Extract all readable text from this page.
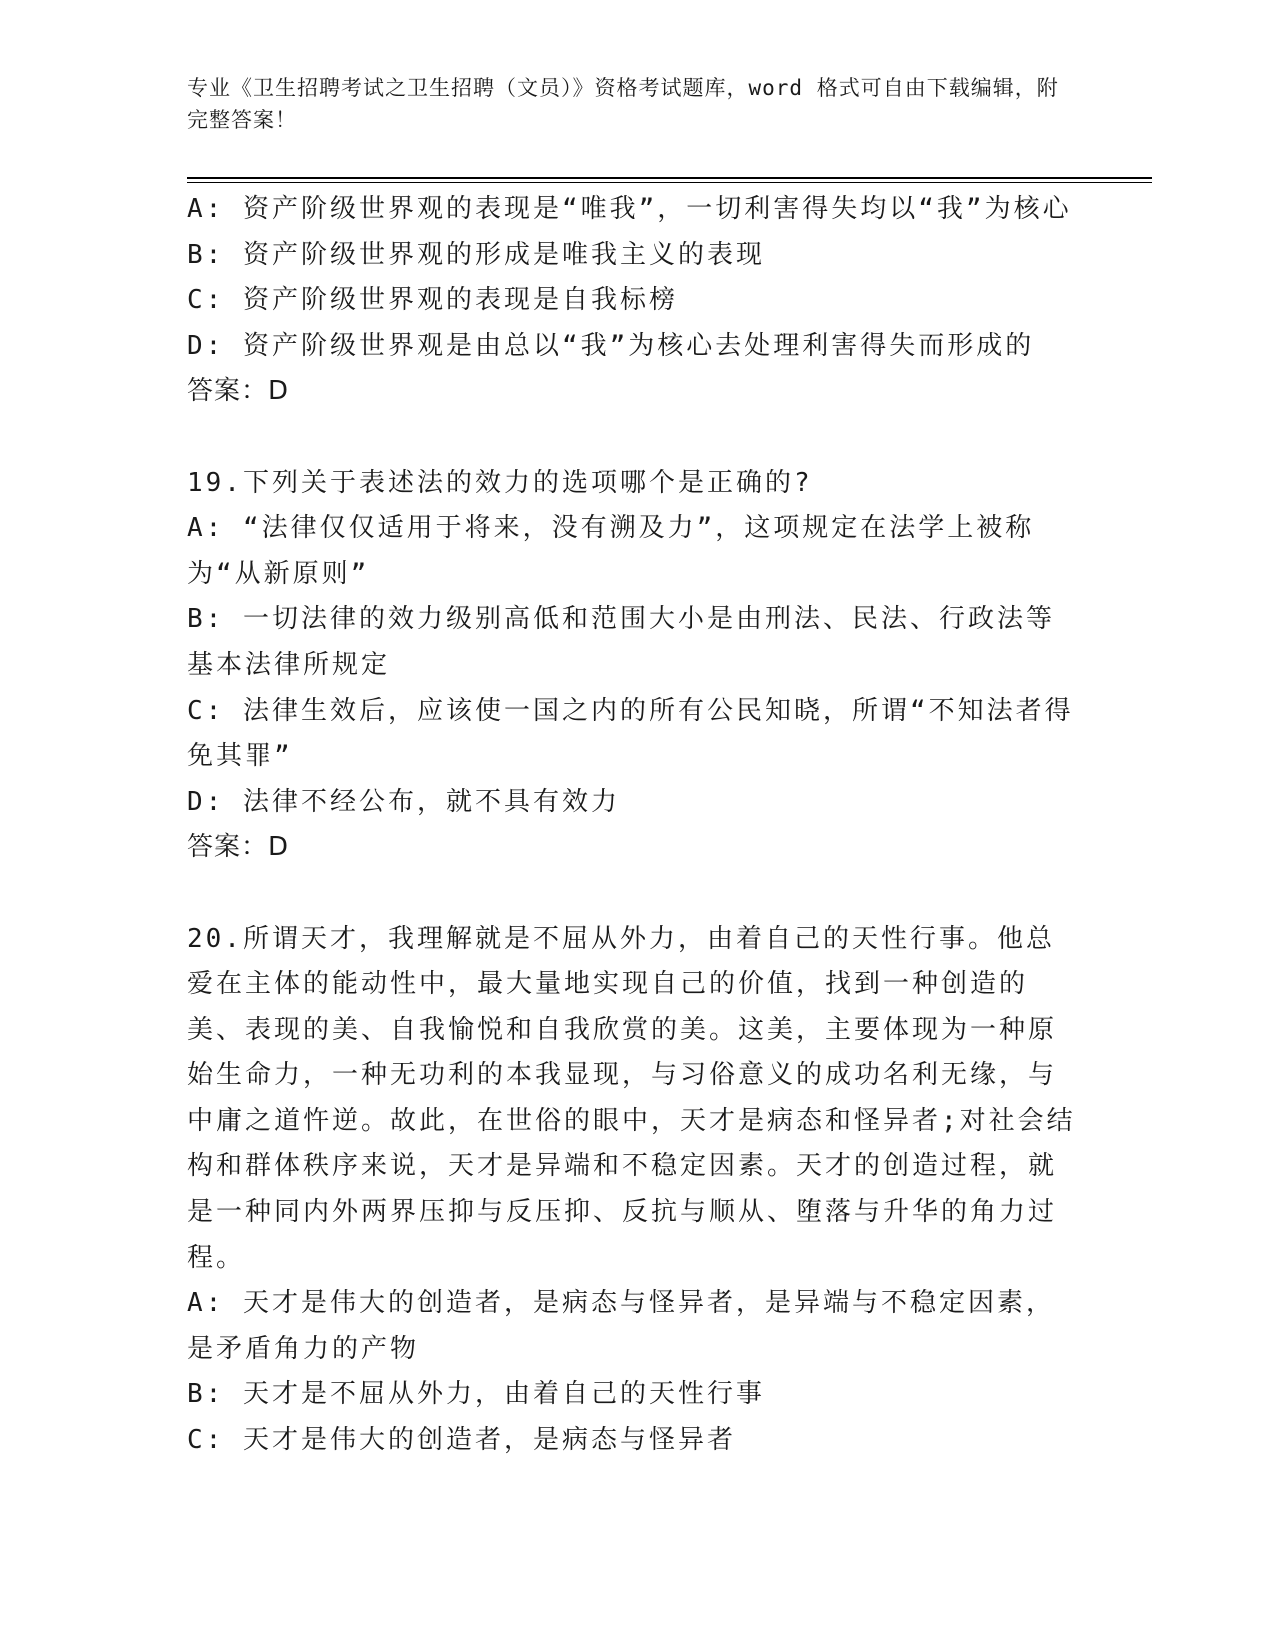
专业《卫生招聘考试之卫生招聘（文员）》资格考试题库，word 格式可自由下载编辑，附完整答案！

A: 资产阶级世界观的表现是“唯我”，一切利害得失均以“我”为核心

B: 资产阶级世界观的形成是唯我主义的表现

C: 资产阶级世界观的表现是自我标榜

D: 资产阶级世界观是由总以“我”为核心去处理利害得失而形成的

答案：D

19.下列关于表述法的效力的选项哪个是正确的?

A: “法律仅仅适用于将来，没有溯及力”，这项规定在法学上被称为“从新原则”

B: 一切法律的效力级别高低和范围大小是由刑法、民法、行政法等基本法律所规定

C: 法律生效后，应该使一国之内的所有公民知晓，所谓“不知法者得免其罪”

D: 法律不经公布，就不具有效力

答案：D

20.所谓天才，我理解就是不屈从外力，由着自己的天性行事。他总爱在主体的能动性中，最大量地实现自己的价值，找到一种创造的美、表现的美、自我愉悦和自我欣赏的美。这美，主要体现为一种原始生命力，一种无功利的本我显现，与习俗意义的成功名利无缘，与中庸之道忤逆。故此，在世俗的眼中，天才是病态和怪异者;对社会结构和群体秩序来说，天才是异端和不稳定因素。天才的创造过程，就是一种同内外两界压抑与反压抑、反抗与顺从、堕落与升华的角力过程。

A: 天才是伟大的创造者，是病态与怪异者，是异端与不稳定因素，是矛盾角力的产物

B: 天才是不屈从外力，由着自己的天性行事

C: 天才是伟大的创造者，是病态与怪异者
